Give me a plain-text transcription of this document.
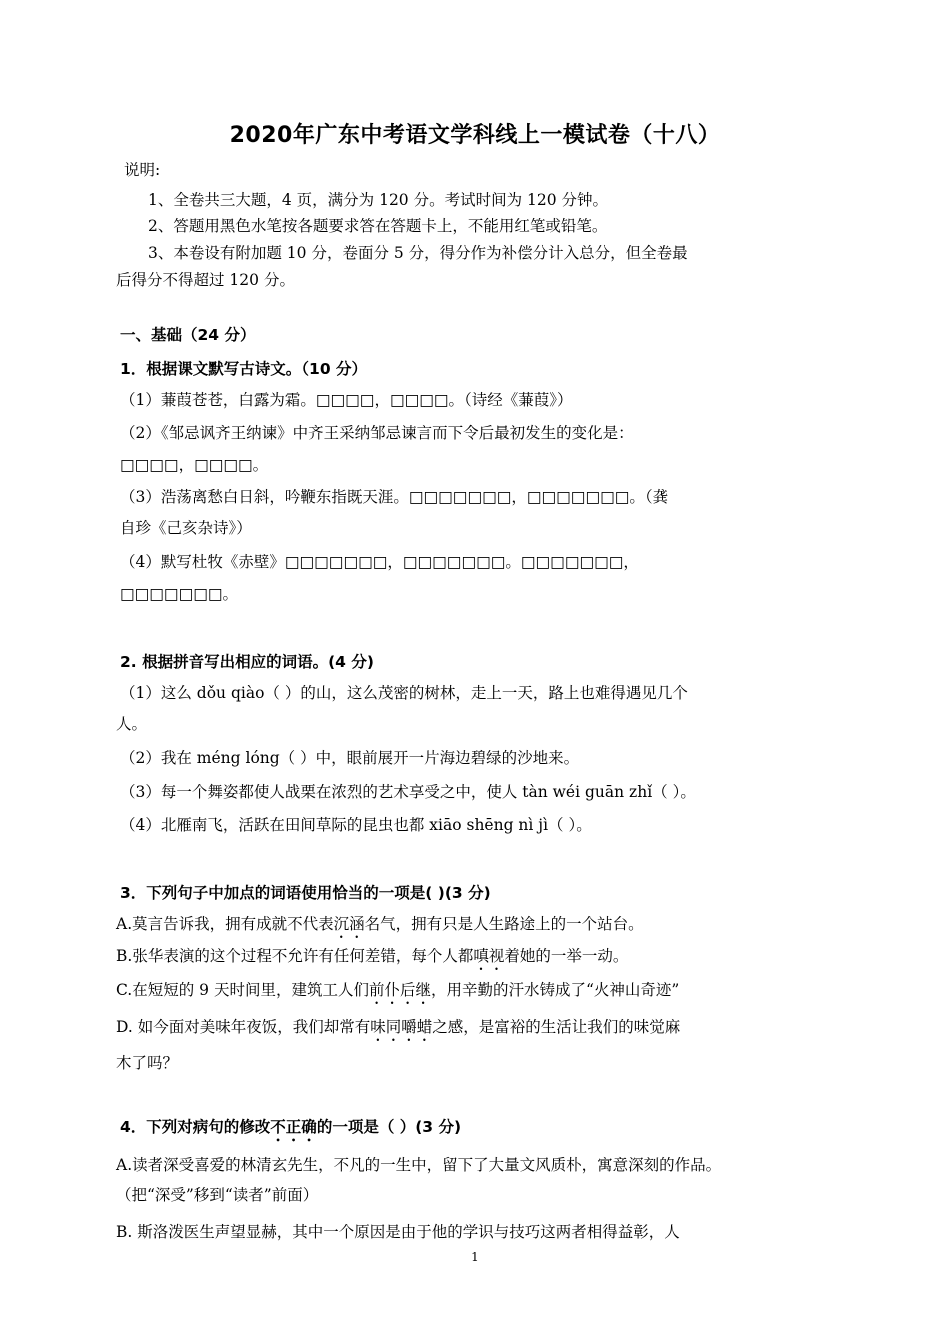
2020年广东中考语文学科线上一模试卷（十八）
说明:
1、全卷共三大题，4 页，满分为 120 分。考试时间为 120 分钟。
2、答题用黑色水笔按各题要求答在答题卡上，不能用红笔或铅笔。
3、本卷设有附加题 10 分，卷面分 5 分，得分作为补偿分计入总分，但全卷最
后得分不得超过 120 分。
一、基础（24 分）
1．根据课文默写古诗文。（10 分）
（1）蒹葭苍苍，白露为霜。□□□□，□□□□。（诗经《蒹葭》）
（2）《邹忌讽齐王纳谏》中齐王采纳邹忌谏言而下令后最初发生的变化是：
□□□□，□□□□。
（3）浩荡离愁白日斜，吟鞭东指既天涯。□□□□□□□，□□□□□□□。（龚
自珍《己亥杂诗》）
（4）默写杜牧《赤壁》□□□□□□□，□□□□□□□。□□□□□□□，
□□□□□□□。
2. 根据拼音写出相应的词语。(4 分)
（1）这么 dǒu qiào（ ）的山，这么茂密的树林，走上一天，路上也难得遇见几个
人。
（2）我在 méng lóng（ ）中，眼前展开一片海边碧绿的沙地来。
（3）每一个舞姿都使人战栗在浓烈的艺术享受之中，使人 tàn wéi guān zhǐ（ ）。
（4）北雁南飞，活跃在田间草际的昆虫也都 xiāo shēng nì jì（ ）。
3．下列句子中加点的词语使用恰当的一项是( )(3 分)
A.莫言告诉我，拥有成就不代表沉涵名气，拥有只是人生路途上的一个站台。
B.张华表演的这个过程不允许有任何差错，每个人都嗔视着她的一举一动。
C.在短短的 9 天时间里，建筑工人们前仆后继，用辛勤的汗水铸成了“火神山奇迹”
D. 如今面对美味年夜饭，我们却常有味同嚼蜡之感，是富裕的生活让我们的味觉麻
木了吗？
4．下列对病句的修改不正确的一项是（ ）(3 分)
A.读者深受喜爱的林清玄先生，不凡的一生中，留下了大量文风质朴，寓意深刻的作品。
（把“深受”移到“读者”前面）
B. 斯洛泼医生声望显赫，其中一个原因是由于他的学识与技巧这两者相得益彰，人
1
